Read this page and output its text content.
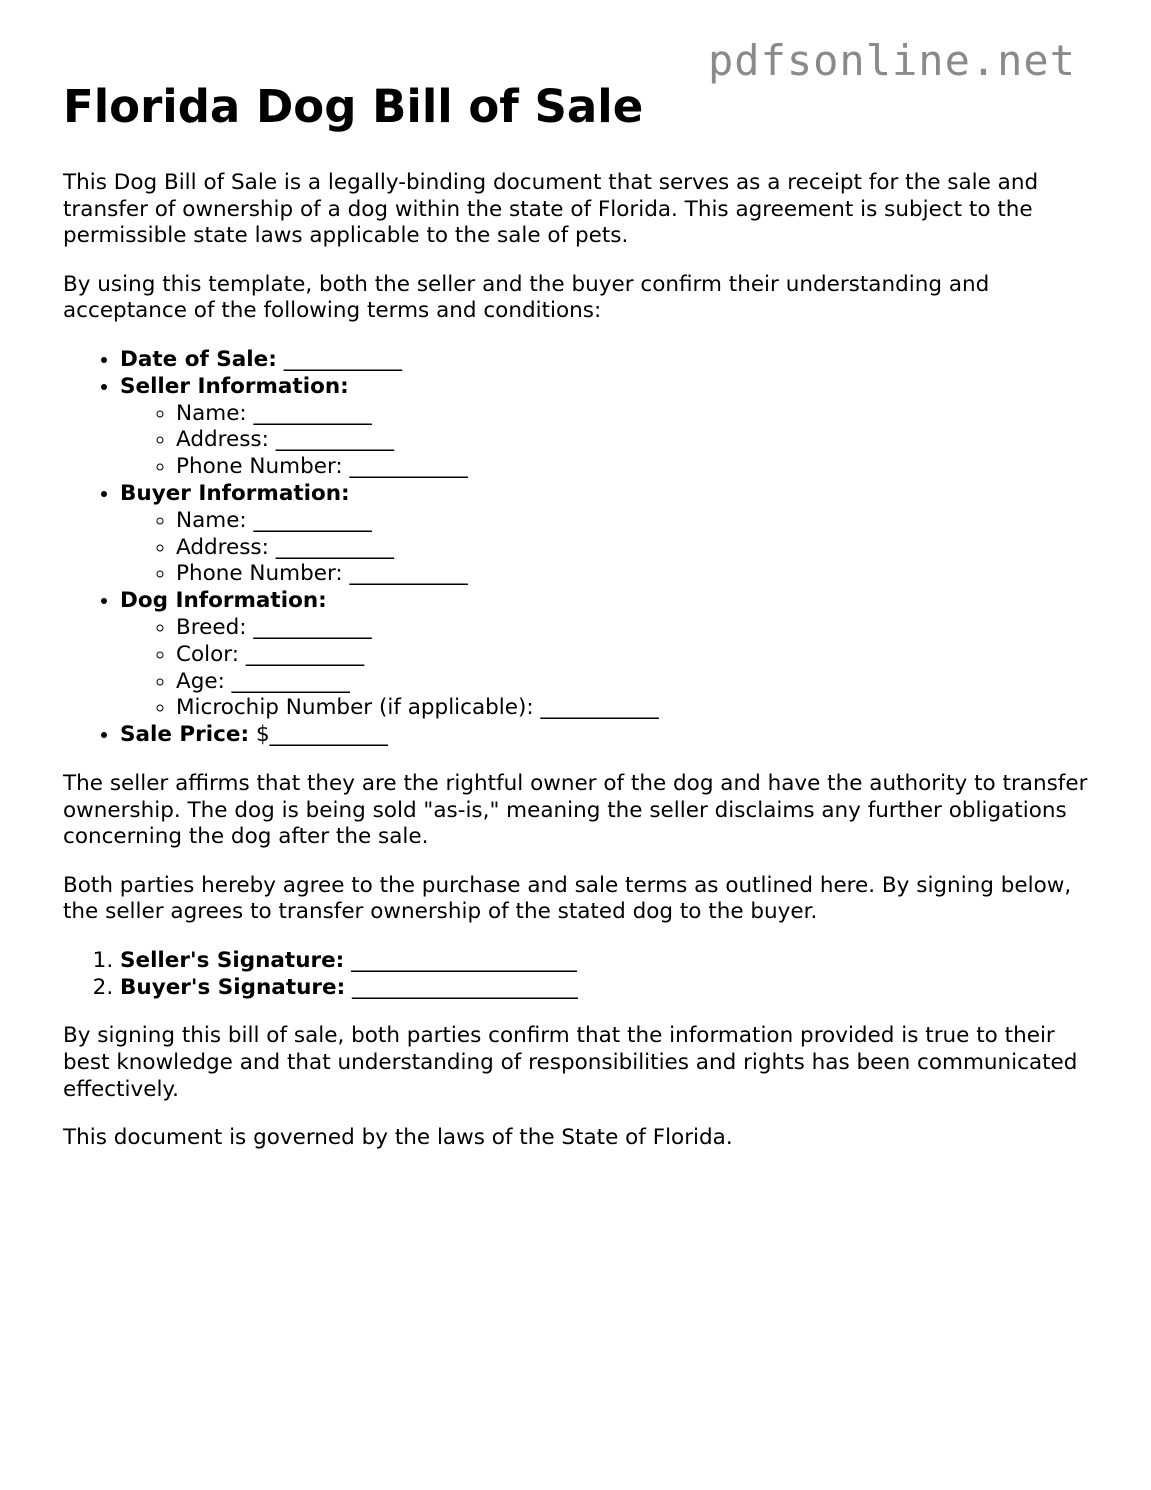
pdfsonline.net
Florida Dog Bill of Sale

This Dog Bill of Sale is a legally-binding document that serves as a receipt for the sale and transfer of ownership of a dog within the state of Florida. This agreement is subject to the permissible state laws applicable to the sale of pets.

By using this template, both the seller and the buyer confirm their understanding and acceptance of the following terms and conditions:

• Date of Sale: ___________
• Seller Information:
◦ Name: ___________
◦ Address: ___________
◦ Phone Number: ___________
• Buyer Information:
◦ Name: ___________
◦ Address: ___________
◦ Phone Number: ___________
• Dog Information:
◦ Breed: ___________
◦ Color: ___________
◦ Age: ___________
◦ Microchip Number (if applicable): ___________
• Sale Price: $___________

The seller affirms that they are the rightful owner of the dog and have the authority to transfer ownership. The dog is being sold "as-is," meaning the seller disclaims any further obligations concerning the dog after the sale.

Both parties hereby agree to the purchase and sale terms as outlined here. By signing below, the seller agrees to transfer ownership of the stated dog to the buyer.

1. Seller's Signature: _____________________
2. Buyer's Signature: _____________________

By signing this bill of sale, both parties confirm that the information provided is true to their best knowledge and that understanding of responsibilities and rights has been communicated effectively.

This document is governed by the laws of the State of Florida.
